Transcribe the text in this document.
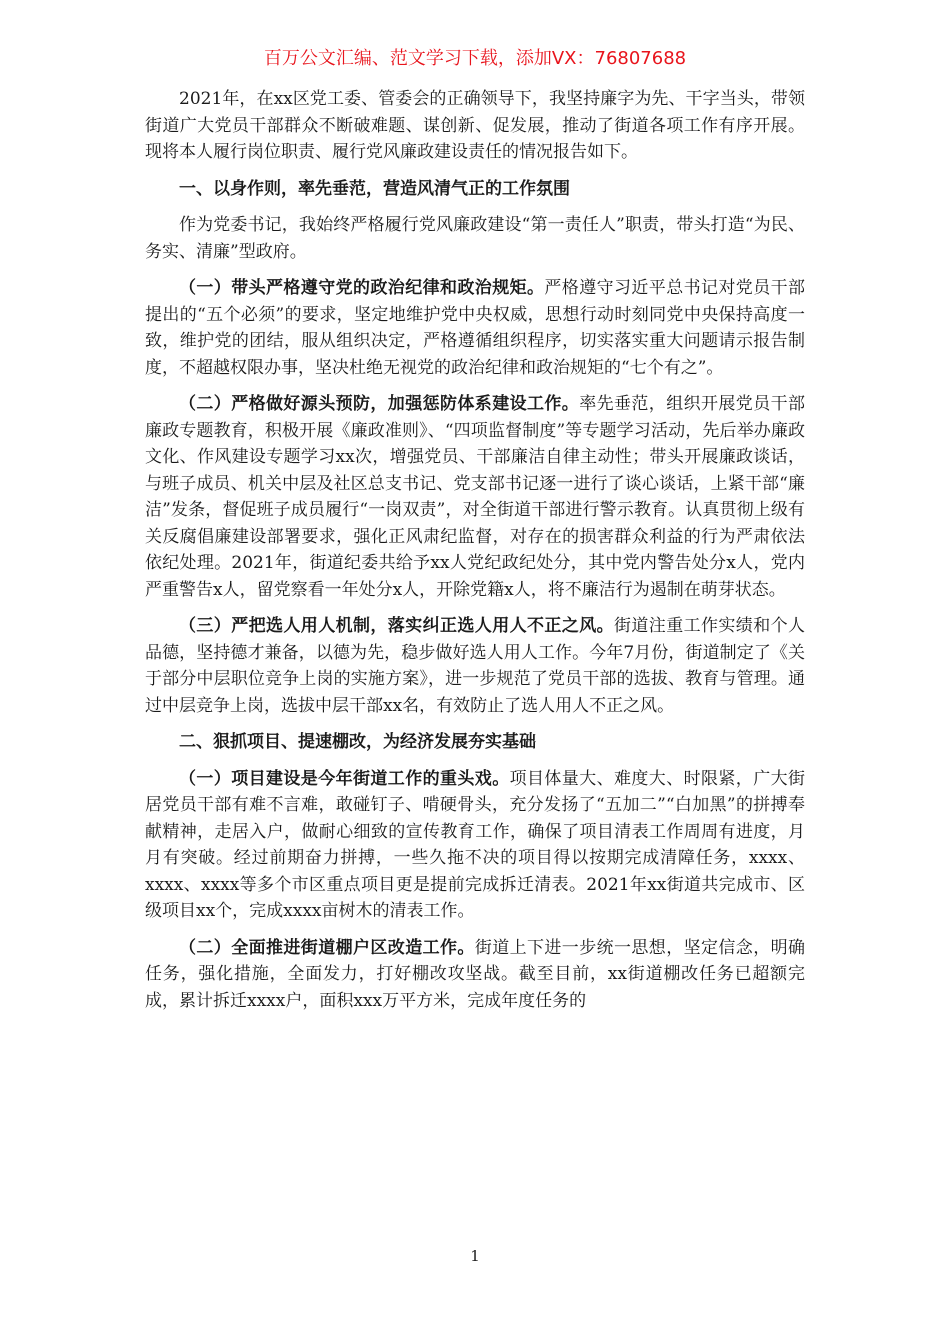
百万公文汇编、范文学习下载，添加VX：76807688

2021年，在xx区党工委、管委会的正确领导下，我坚持廉字为先、干字当头，带领街道广大党员干部群众不断破难题、谋创新、促发展，推动了街道各项工作有序开展。现将本人履行岗位职责、履行党风廉政建设责任的情况报告如下。

一、以身作则，率先垂范，营造风清气正的工作氛围

作为党委书记，我始终严格履行党风廉政建设“第一责任人”职责，带头打造“为民、务实、清廉”型政府。

（一）带头严格遵守党的政治纪律和政治规矩。严格遵守习近平总书记对党员干部提出的“五个必须”的要求，坚定地维护党中央权威，思想行动时刻同党中央保持高度一致，维护党的团结，服从组织决定，严格遵循组织程序，切实落实重大问题请示报告制度，不超越权限办事，坚决杜绝无视党的政治纪律和政治规矩的“七个有之”。

（二）严格做好源头预防，加强惩防体系建设工作。率先垂范，组织开展党员干部廉政专题教育，积极开展《廉政准则》、“四项监督制度”等专题学习活动，先后举办廉政文化、作风建设专题学习xx次，增强党员、干部廉洁自律主动性；带头开展廉政谈话，与班子成员、机关中层及社区总支书记、党支部书记逐一进行了谈心谈话，上紧干部“廉洁”发条，督促班子成员履行“一岗双责”，对全街道干部进行警示教育。认真贯彻上级有关反腐倡廉建设部署要求，强化正风肃纪监督，对存在的损害群众利益的行为严肃依法依纪处理。2021年，街道纪委共给予xx人党纪政纪处分，其中党内警告处分x人，党内严重警告x人，留党察看一年处分x人，开除党籍x人，将不廉洁行为遏制在萌芽状态。

（三）严把选人用人机制，落实纠正选人用人不正之风。街道注重工作实绩和个人品德，坚持德才兼备，以德为先，稳步做好选人用人工作。今年7月份，街道制定了《关于部分中层职位竞争上岗的实施方案》，进一步规范了党员干部的选拔、教育与管理。通过中层竞争上岗，选拔中层干部xx名，有效防止了选人用人不正之风。

二、狠抓项目、提速棚改，为经济发展夯实基础

（一）项目建设是今年街道工作的重头戏。项目体量大、难度大、时限紧，广大街居党员干部有难不言难，敢碰钉子、啃硬骨头，充分发扬了“五加二”“白加黑”的拼搏奉献精神，走居入户，做耐心细致的宣传教育工作，确保了项目清表工作周周有进度，月月有突破。经过前期奋力拼搏，一些久拖不决的项目得以按期完成清障任务，xxxx、xxxx、xxxx等多个市区重点项目更是提前完成拆迁清表。2021年xx街道共完成市、区级项目xx个，完成xxxx亩树木的清表工作。

（二）全面推进街道棚户区改造工作。街道上下进一步统一思想，坚定信念，明确任务，强化措施，全面发力，打好棚改攻坚战。截至目前，xx街道棚改任务已超额完成，累计拆迁xxxx户，面积xxx万平方米，完成年度任务的

1
